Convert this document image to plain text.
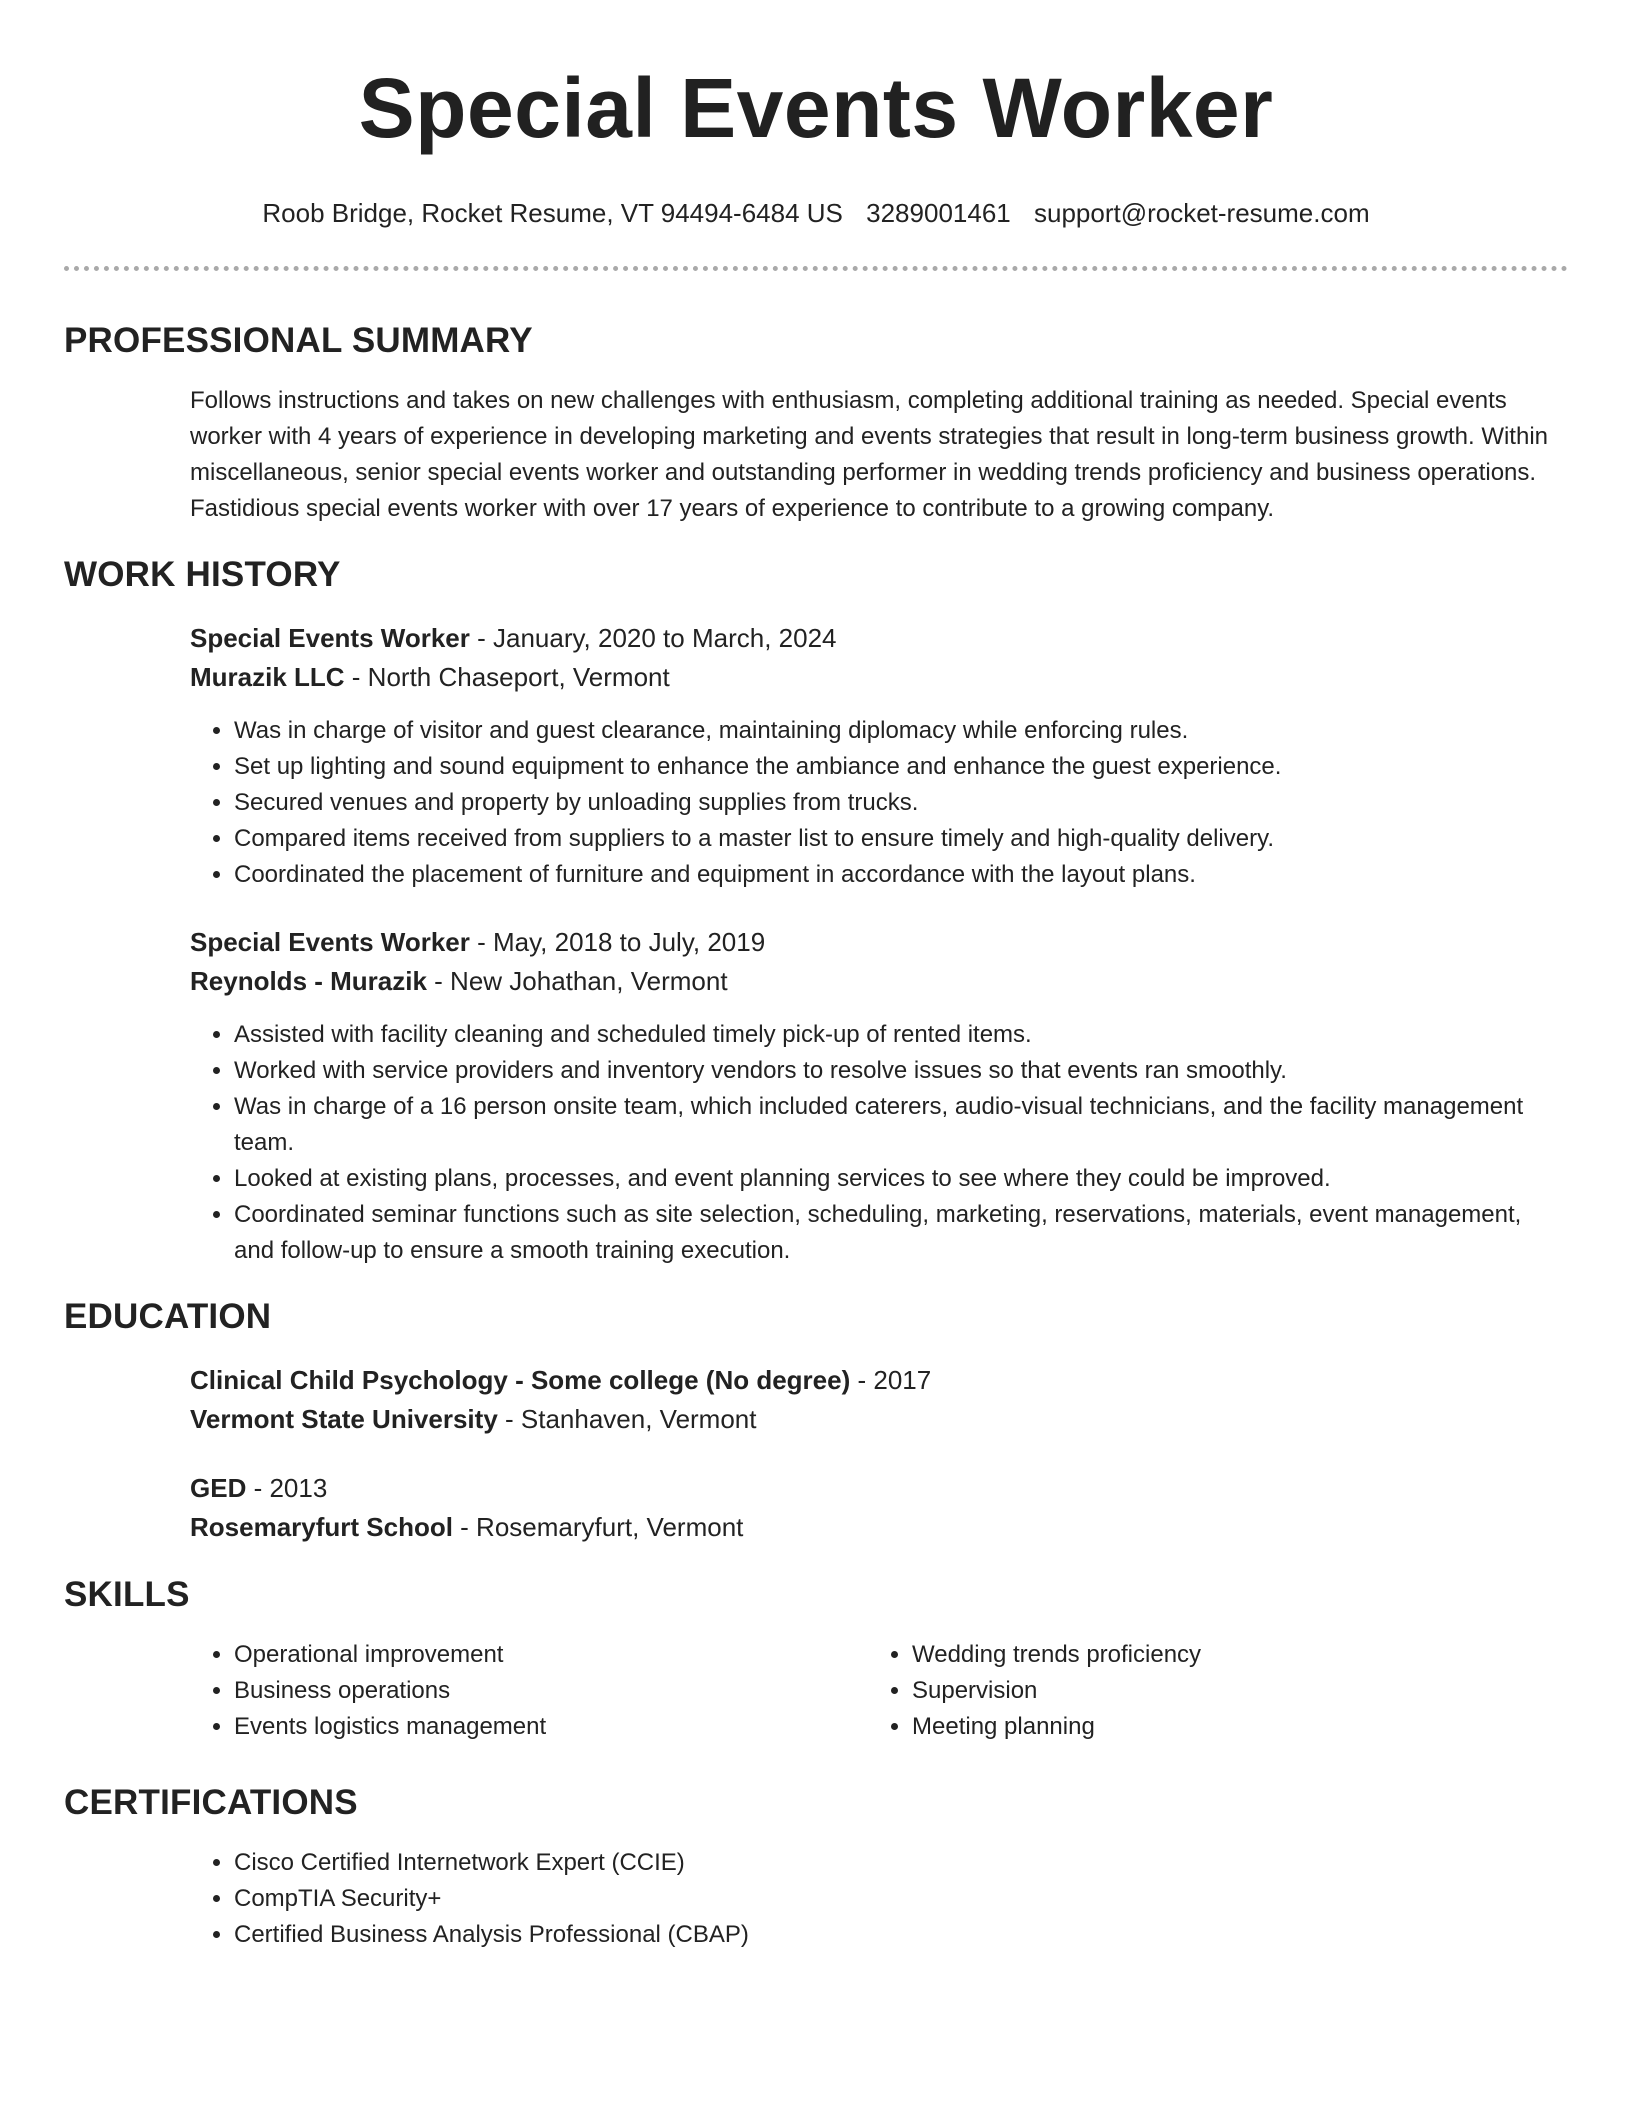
Special Events Worker
Roob Bridge, Rocket Resume, VT 94494-6484 US 3289001461 support@rocket-resume.com
PROFESSIONAL SUMMARY

Follows instructions and takes on new challenges with enthusiasm, completing additional training as needed. Special events worker with 4 years of experience in developing marketing and events strategies that result in long-term business growth. Within miscellaneous, senior special events worker and outstanding performer in wedding trends proficiency and business operations. Fastidious special events worker with over 17 years of experience to contribute to a growing company.

WORK HISTORY
Special Events Worker - January, 2020 to March, 2024
Murazik LLC - North Chaseport, Vermont
• Was in charge of visitor and guest clearance, maintaining diplomacy while enforcing rules.
• Set up lighting and sound equipment to enhance the ambiance and enhance the guest experience.
• Secured venues and property by unloading supplies from trucks.
• Compared items received from suppliers to a master list to ensure timely and high-quality delivery.
• Coordinated the placement of furniture and equipment in accordance with the layout plans.
Special Events Worker - May, 2018 to July, 2019
Reynolds - Murazik - New Johathan, Vermont
• Assisted with facility cleaning and scheduled timely pick-up of rented items.
• Worked with service providers and inventory vendors to resolve issues so that events ran smoothly.
• Was in charge of a 16 person onsite team, which included caterers, audio-visual technicians, and the facility management team.
• Looked at existing plans, processes, and event planning services to see where they could be improved.
• Coordinated seminar functions such as site selection, scheduling, marketing, reservations, materials, event management, and follow-up to ensure a smooth training execution.
EDUCATION
Clinical Child Psychology - Some college (No degree) - 2017
Vermont State University - Stanhaven, Vermont
GED - 2013
Rosemaryfurt School - Rosemaryfurt, Vermont
SKILLS
• Operational improvement
• Business operations
• Events logistics management
• Wedding trends proficiency
• Supervision
• Meeting planning
CERTIFICATIONS
• Cisco Certified Internetwork Expert (CCIE)
• CompTIA Security+
• Certified Business Analysis Professional (CBAP)
